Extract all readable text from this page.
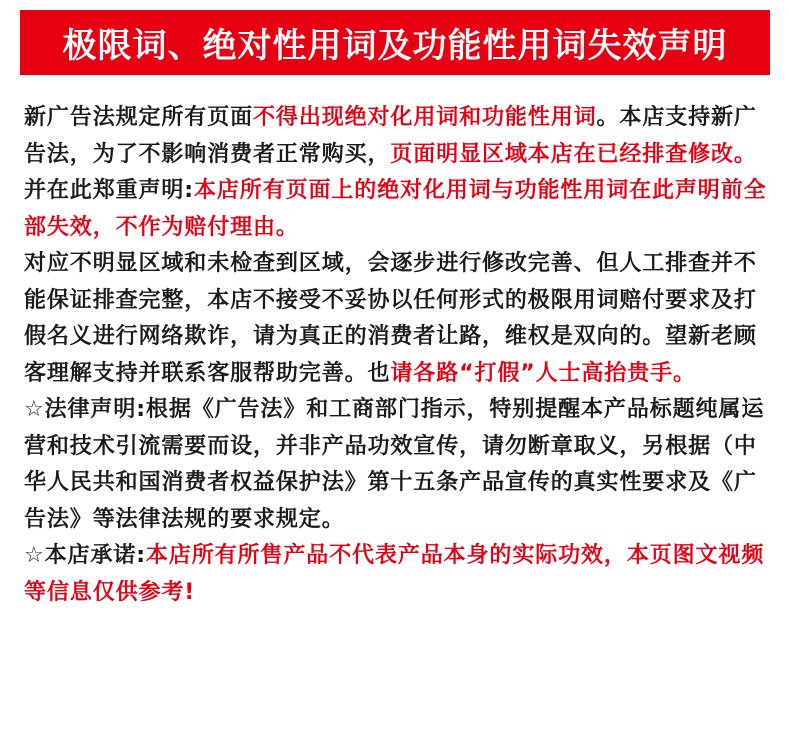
极限词、绝对性用词及功能性用词失效声明

新广告法规定所有页面不得出现绝对化用词和功能性用词。本店支持新广告法，为了不影响消费者正常购买，页面明显区域本店在已经排查修改。

并在此郑重声明:本店所有页面上的绝对化用词与功能性用词在此声明前全部失效，不作为赔付理由。

对应不明显区域和未检查到区域，会逐步进行修改完善、但人工排查并不能保证排查完整，本店不接受不妥协以任何形式的极限用词赔付要求及打假名义进行网络欺诈，请为真正的消费者让路，维权是双向的。望新老顾客理解支持并联系客服帮助完善。也请各路“打假”人士高抬贵手。

☆法律声明:根据《广告法》和工商部门指示，特别提醒本产品标题纯属运营和技术引流需要而设，并非产品功效宣传，请勿断章取义，另根据（中华人民共和国消费者权益保护法》第十五条产品宣传的真实性要求及《广告法》等法律法规的要求规定。

☆本店承诺:本店所有所售产品不代表产品本身的实际功效，本页图文视频等信息仅供参考!
